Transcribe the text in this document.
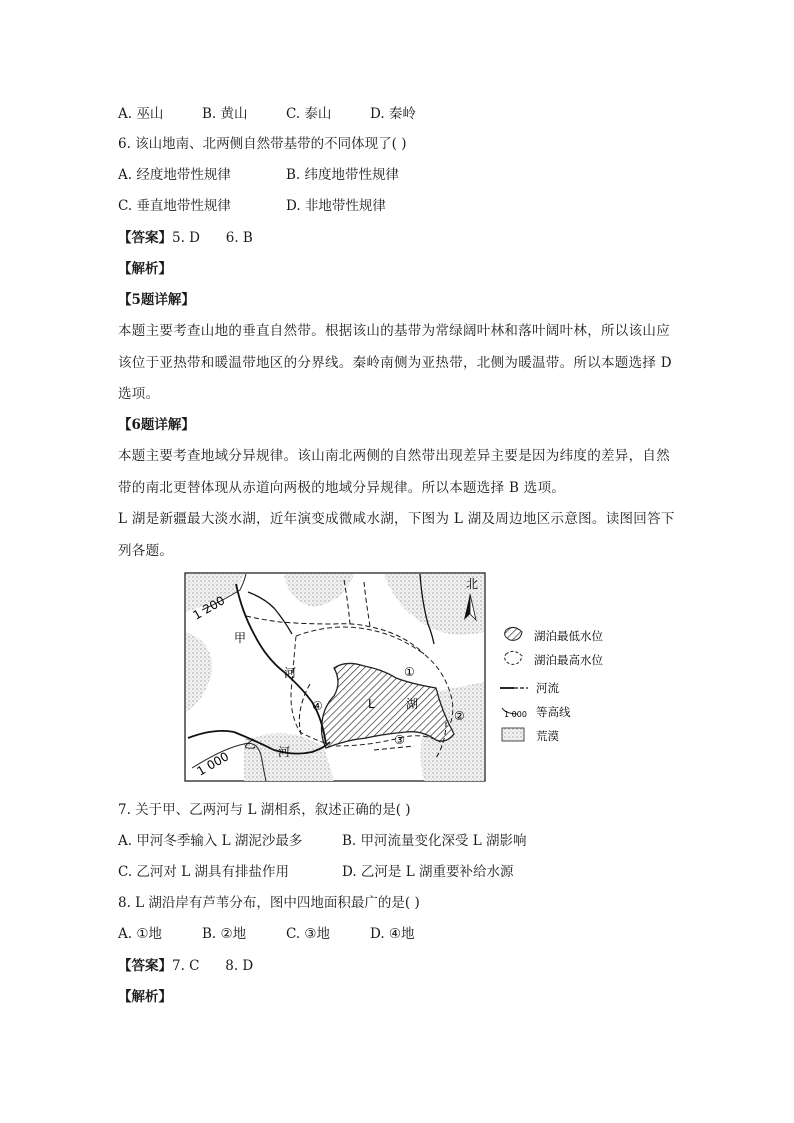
A. 巫山	B. 黄山	C. 泰山	D. 秦岭
6. 该山地南、北两侧自然带基带的不同体现了( )
A. 经度地带性规律	B. 纬度地带性规律
C. 垂直地带性规律	D. 非地带性规律
【答案】5. D      6. B
【解析】
【5题详解】
本题主要考查山地的垂直自然带。根据该山的基带为常绿阔叶林和落叶阔叶林，所以该山应
该位于亚热带和暖温带地区的分界线。秦岭南侧为亚热带，北侧为暖温带。所以本题选择 D
选项。
【6题详解】
本题主要考查地域分异规律。该山南北两侧的自然带出现差异主要是因为纬度的差异，自然
带的南北更替体现从赤道向两极的地域分异规律。所以本题选择 B 选项。
L 湖是新疆最大淡水湖，近年演变成微咸水湖，下图为 L 湖及周边地区示意图。读图回答下
列各题。
1 200
1 000
甲
河
乙
河
L	湖
①
②
③
④
北
湖泊最低水位
湖泊最高水位
河流
1 000 等高线
荒漠
7. 关于甲、乙两河与 L 湖相系，叙述正确的是( )
A. 甲河冬季输入 L 湖泥沙最多	B. 甲河流量变化深受 L 湖影响
C. 乙河对 L 湖具有排盐作用	D. 乙河是 L 湖重要补给水源
8. L 湖沿岸有芦苇分布，图中四地面积最广的是( )
A. ①地	B. ②地	C. ③地	D. ④地
【答案】7. C      8. D
【解析】
